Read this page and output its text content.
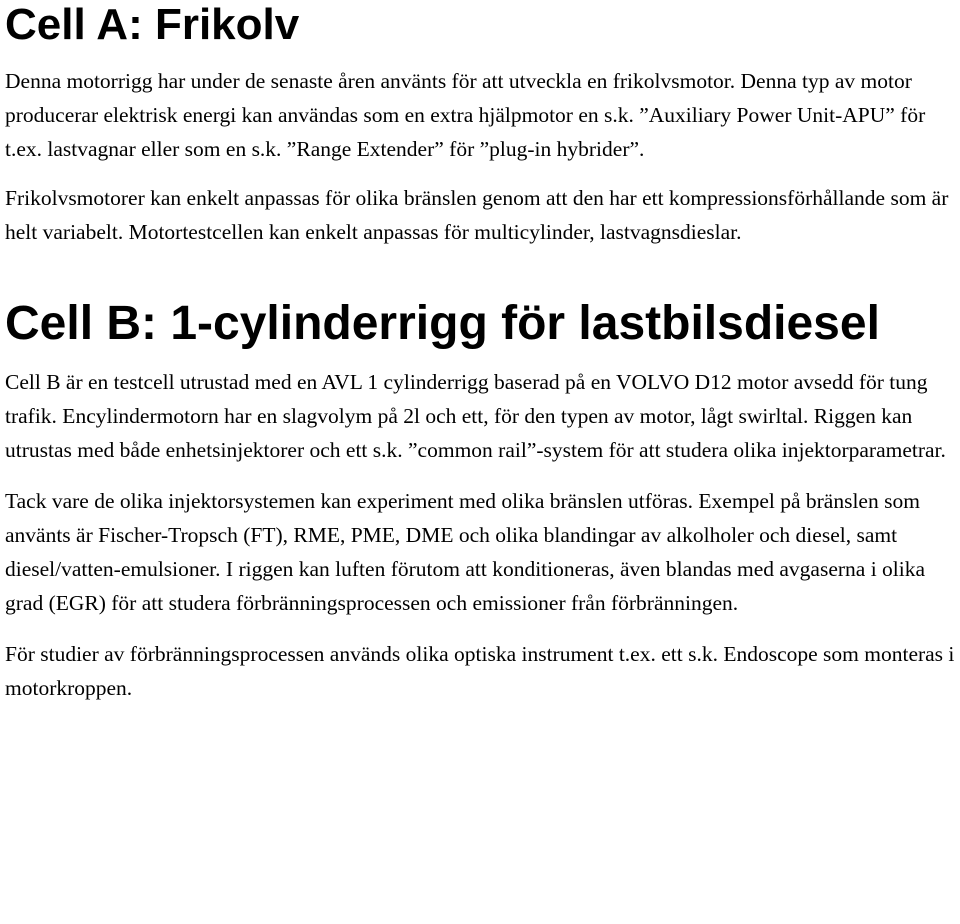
Cell A: Frikolv

Denna motorrigg har under de senaste åren använts för att utveckla en frikolvsmotor. Denna typ av motor producerar elektrisk energi kan användas som en extra hjälpmotor en s.k. ”Auxiliary Power Unit-APU” för t.ex. lastvagnar eller som en s.k. ”Range Extender” för ”plug-in hybrider”.

Frikolvsmotorer kan enkelt anpassas för olika bränslen genom att den har ett kompressionsförhållande som är helt variabelt. Motortestcellen kan enkelt anpassas för multicylinder, lastvagnsdieslar.

Cell B: 1-cylinderrigg för lastbilsdiesel

Cell B är en testcell utrustad med en AVL 1 cylinderrigg baserad på en VOLVO D12 motor avsedd för tung trafik. Encylindermotorn har en slagvolym på 2l och ett, för den typen av motor, lågt swirltal. Riggen kan utrustas med både enhetsinjektorer och ett s.k. ”common rail”-system för att studera olika injektorparametrar.

Tack vare de olika injektorsystemen kan experiment med olika bränslen utföras. Exempel på bränslen som använts är Fischer-Tropsch (FT), RME, PME, DME och olika blandingar av alkolholer och diesel, samt diesel/vatten-emulsioner. I riggen kan luften förutom att konditioneras, även blandas med avgaserna i olika grad (EGR) för att studera förbränningsprocessen och emissioner från förbränningen.

För studier av förbränningsprocessen används olika optiska instrument t.ex. ett s.k. Endoscope som monteras i motorkroppen.
